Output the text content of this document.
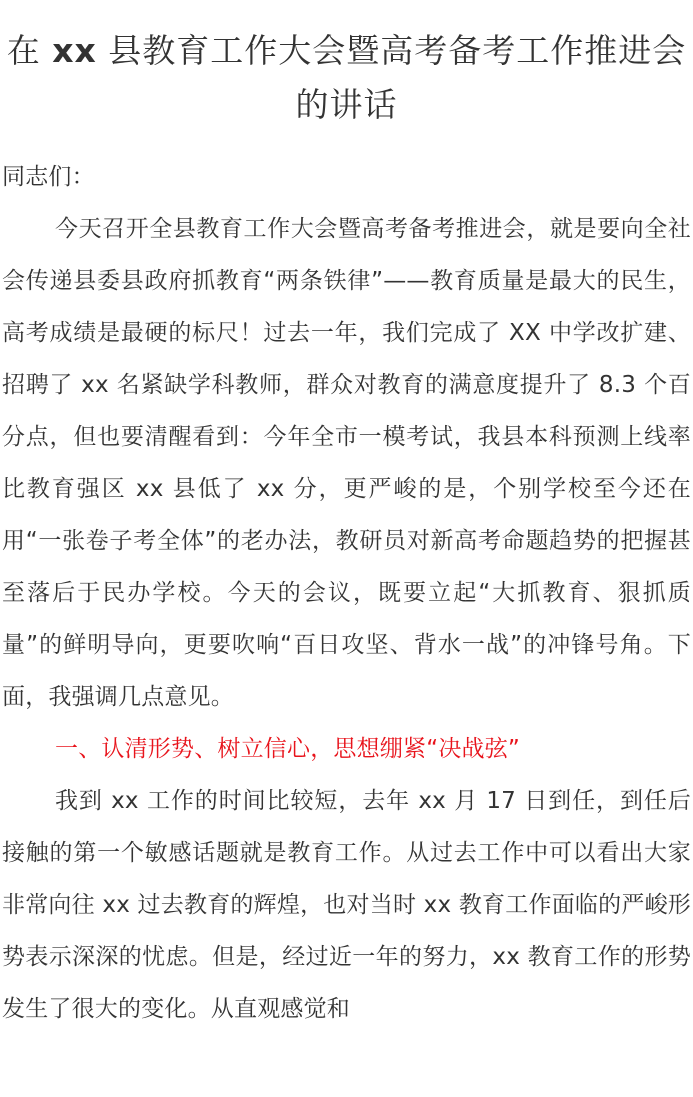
在 xx 县教育工作大会暨高考备考工作推进会的讲话

同志们：

今天召开全县教育工作大会暨高考备考推进会，就是要向全社会传递县委县政府抓教育“两条铁律”——教育质量是最大的民生，高考成绩是最硬的标尺！过去一年，我们完成了 XX 中学改扩建、招聘了 xx 名紧缺学科教师，群众对教育的满意度提升了 8.3 个百分点，但也要清醒看到：今年全市一模考试，我县本科预测上线率比教育强区 xx 县低了 xx 分，更严峻的是，个别学校至今还在用“一张卷子考全体”的老办法，教研员对新高考命题趋势的把握甚至落后于民办学校。今天的会议，既要立起“大抓教育、狠抓质量”的鲜明导向，更要吹响“百日攻坚、背水一战”的冲锋号角。下面，我强调几点意见。

一、认清形势、树立信心，思想绷紧“决战弦”

我到 xx 工作的时间比较短，去年 xx 月 17 日到任，到任后接触的第一个敏感话题就是教育工作。从过去工作中可以看出大家非常向往 xx 过去教育的辉煌，也对当时 xx 教育工作面临的严峻形势表示深深的忧虑。但是，经过近一年的努力，xx 教育工作的形势发生了很大的变化。从直观感觉和
